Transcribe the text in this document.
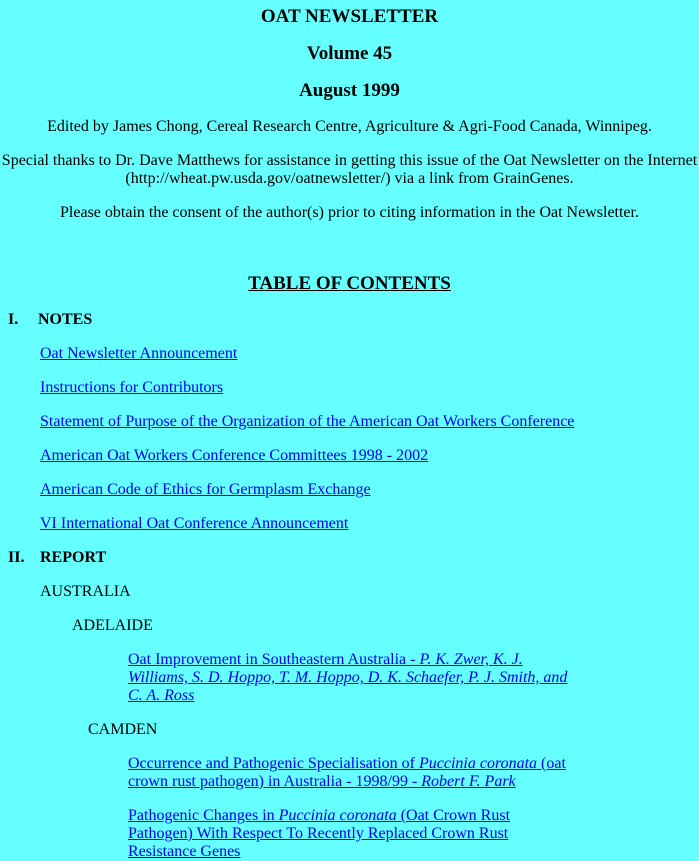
OAT NEWSLETTER
Volume 45
August 1999
Edited by James Chong, Cereal Research Centre, Agriculture & Agri-Food Canada, Winnipeg.
Special thanks to Dr. Dave Matthews for assistance in getting this issue of the Oat Newsletter on the Internet
(http://wheat.pw.usda.gov/oatnewsletter/) via a link from GrainGenes.
Please obtain the consent of the author(s) prior to citing information in the Oat Newsletter.
TABLE OF CONTENTS
I. NOTES
Oat Newsletter Announcement
Instructions for Contributors
Statement of Purpose of the Organization of the American Oat Workers Conference
American Oat Workers Conference Committees 1998 - 2002
American Code of Ethics for Germplasm Exchange
VI International Oat Conference Announcement
II. REPORT
AUSTRALIA
ADELAIDE
Oat Improvement in Southeastern Australia - P. K. Zwer, K. J. Williams, S. D. Hoppo, T. M. Hoppo, D. K. Schaefer, P. J. Smith, and C. A. Ross
CAMDEN
Occurrence and Pathogenic Specialisation of Puccinia coronata (oat crown rust pathogen) in Australia - 1998/99 - Robert F. Park
Pathogenic Changes in Puccinia coronata (Oat Crown Rust Pathogen) With Respect To Recently Replaced Crown Rust Resistance Genes
